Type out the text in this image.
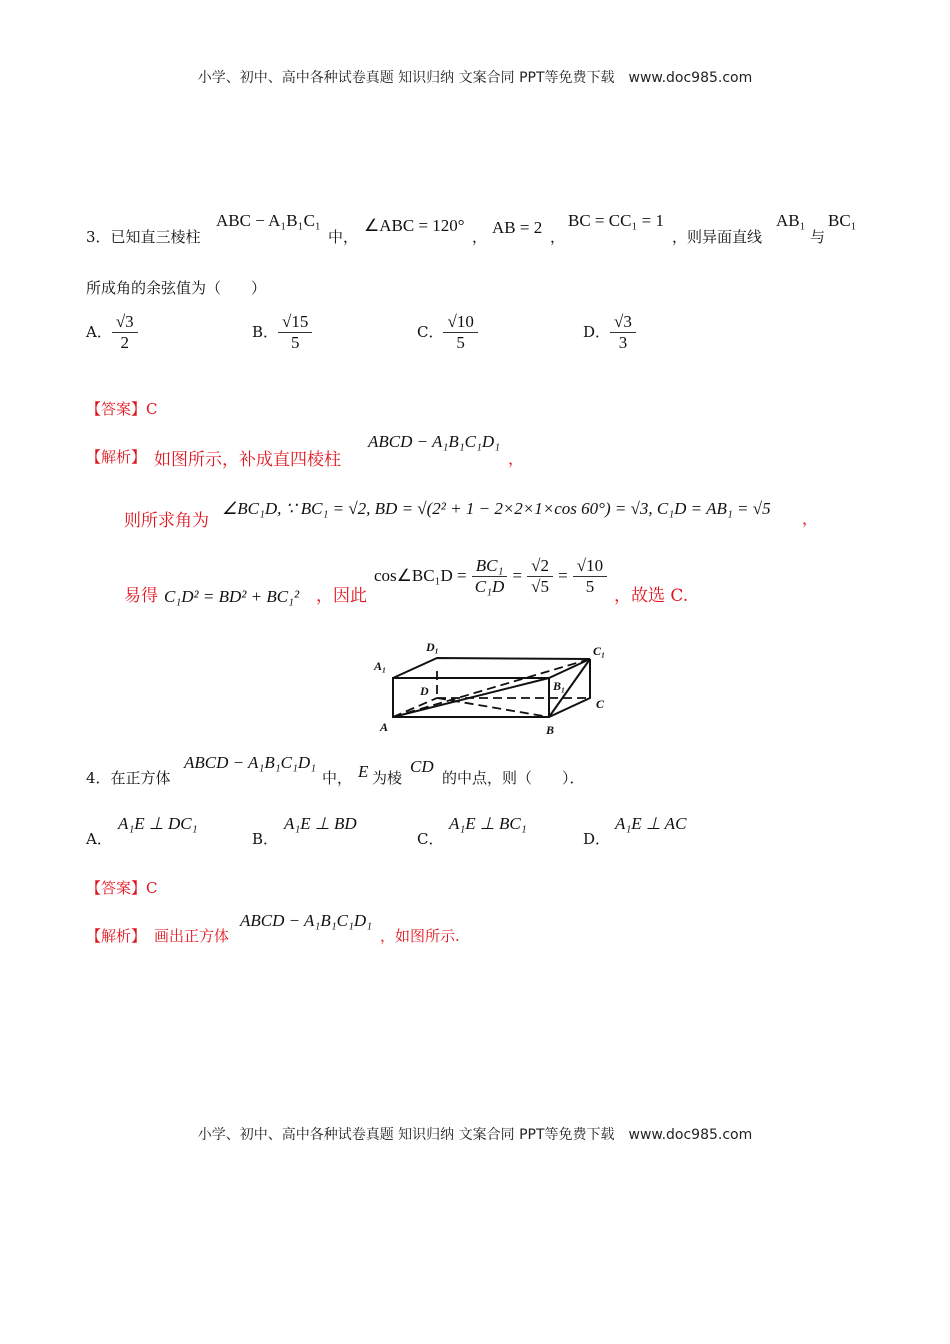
小学、初中、高中各种试卷真题 知识归纳 文案合同 PPT等免费下载　www.doc985.com
3．已知直三棱柱
ABC − A₁B₁C₁
中，
∠ABC = 120°
， AB = 2 ，
BC = CC₁ = 1
，则异面直线
AB₁
与
BC₁
所成角的余弦值为（　　）
A． $\frac{√3}{2}$	B． $\frac{√15}{5}$	C． $\frac{√10}{5}$	D． $\frac{√3}{3}$
【答案】C
【解析】 如图所示，补成直四棱柱
ABCD − A₁B₁C₁D₁
，
则所求角为
∠BC₁D, ∵ BC₁ = √2, BD = √(2² + 1 − 2×2×1×cos 60°) = √3, C₁D = AB₁ = √5
，
易得 C₁D² = BD² + BC₁² ，因此
cos∠BC₁D = $\frac{\text{BC₁}}{\text{C₁D}} = \frac{√2}{√5} = \frac{√10}{5}$ ，故选 C.
A₁
D₁	C₁
B₁
D
C
A	B
4．在正方体
ABCD − A₁B₁C₁D₁
中， E 为棱
CD
的中点，则（　　）．
A．
A₁E ⊥ DC₁
B．
A₁E ⊥ BD
C．
A₁E ⊥ BC₁
D．
A₁E ⊥ AC
【答案】C
【解析】 画出正方体
ABCD − A₁B₁C₁D₁
，如图所示.
小学、初中、高中各种试卷真题 知识归纳 文案合同 PPT等免费下载　www.doc985.com
